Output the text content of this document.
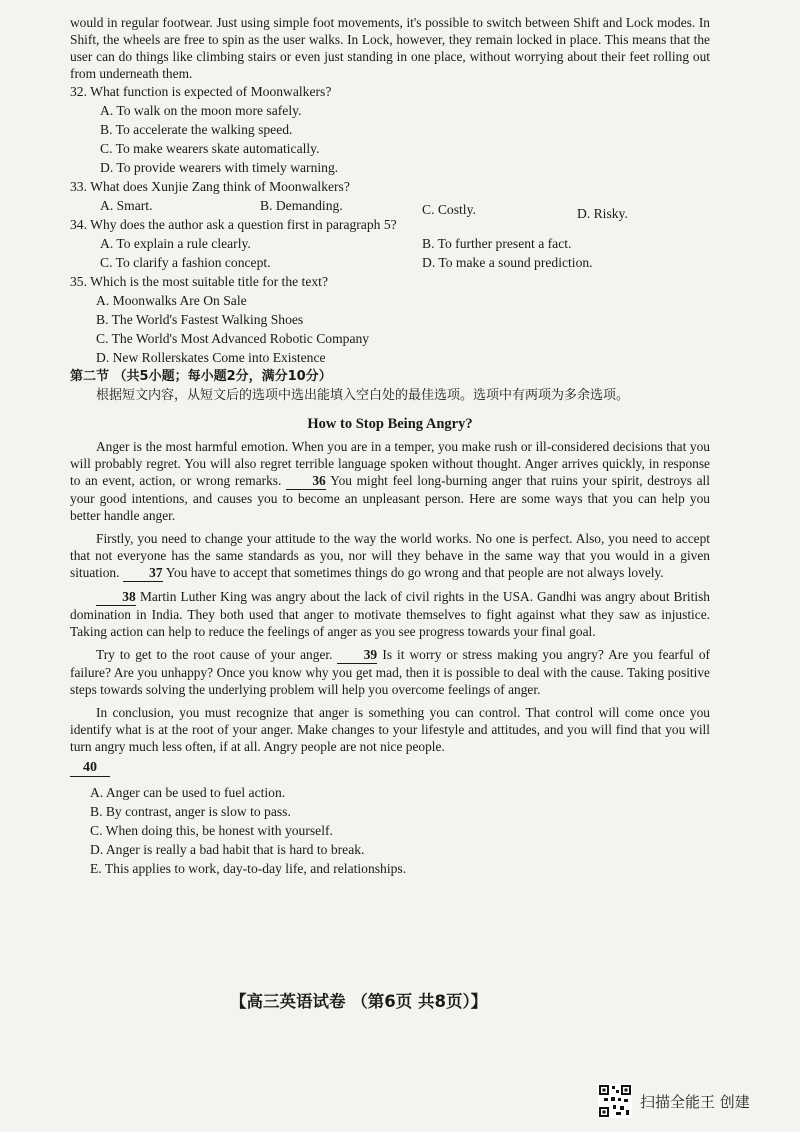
would in regular footwear. Just using simple foot movements, it's possible to switch between Shift and Lock modes. In Shift, the wheels are free to spin as the user walks. In Lock, however, they remain locked in place. This means that the user can do things like climbing stairs or even just standing in one place, without worrying about their feet rolling out from underneath them.

32. What function is expected of Moonwalkers?

A. To walk on the moon more safely.

B. To accelerate the walking speed.

C. To make wearers skate automatically.

D. To provide wearers with timely warning.

33. What does Xunjie Zang think of Moonwalkers?

A. Smart.	B. Demanding.	C. Costly.	D. Risky.

34. Why does the author ask a question first in paragraph 5?

A. To explain a rule clearly.	B. To further present a fact.
C. To clarify a fashion concept.	D. To make a sound prediction.

35. Which is the most suitable title for the text?

A. Moonwalks Are On Sale

B. The World's Fastest Walking Shoes

C. The World's Most Advanced Robotic Company

D. New Rollerskates Come into Existence

第二节 （共5小题；每小题2分，满分10分）

根据短文内容，从短文后的选项中选出能填入空白处的最佳选项。选项中有两项为多余选项。

How to Stop Being Angry?

Anger is the most harmful emotion. When you are in a temper, you make rush or ill-considered decisions that you will probably regret. You will also regret terrible language spoken without thought. Anger arrives quickly, in response to an event, action, or wrong remarks. 36 You might feel long-burning anger that ruins your spirit, destroys all your good intentions, and causes you to become an unpleasant person. Here are some ways that you can help you better handle anger.

Firstly, you need to change your attitude to the way the world works. No one is perfect. Also, you need to accept that not everyone has the same standards as you, nor will they behave in the same way that you would in a given situation. 37 You have to accept that sometimes things do go wrong and that people are not always lovely.

38 Martin Luther King was angry about the lack of civil rights in the USA. Gandhi was angry about British domination in India. They both used that anger to motivate themselves to fight against what they saw as injustice. Taking action can help to reduce the feelings of anger as you see progress towards your final goal.

Try to get to the root cause of your anger. 39 Is it worry or stress making you angry? Are you fearful of failure? Are you unhappy? Once you know why you get mad, then it is possible to deal with the cause. Taking positive steps towards solving the underlying problem will help you overcome feelings of anger.

In conclusion, you must recognize that anger is something you can control. That control will come once you identify what is at the root of your anger. Make changes to your lifestyle and attitudes, and you will find that you will turn angry much less often, if at all. Angry people are not nice people.

40

A. Anger can be used to fuel action.

B. By contrast, anger is slow to pass.

C. When doing this, be honest with yourself.

D. Anger is really a bad habit that is hard to break.

E. This applies to work, day-to-day life, and relationships.

【高三英语试卷 （第6页 共8页）】
扫描全能王 创建
